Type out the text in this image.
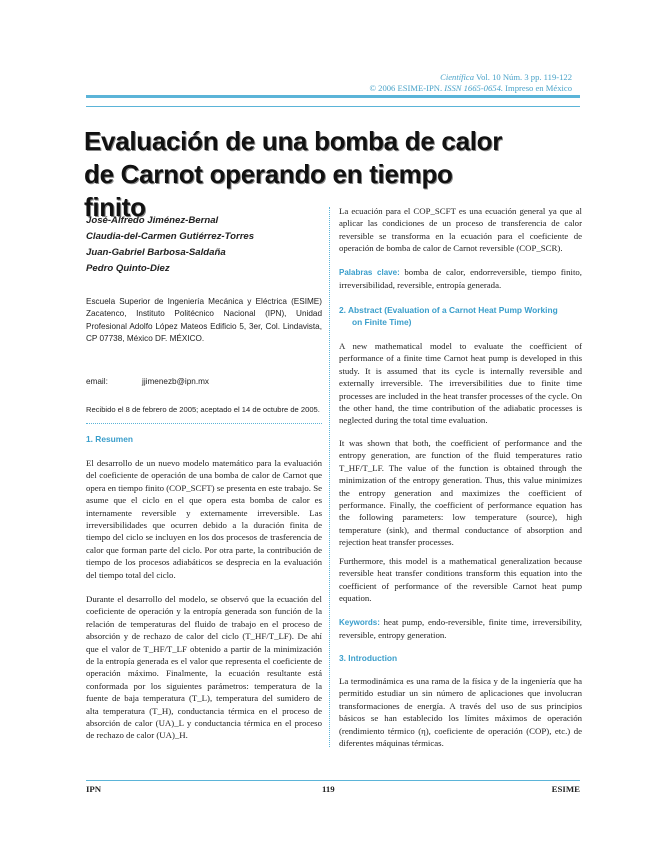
Científica Vol. 10 Núm. 3 pp. 119-122
© 2006 ESIME-IPN. ISSN 1665-0654. Impreso en México
Evaluación de una bomba de calor de Carnot operando en tiempo finito
José-Alfredo Jiménez-Bernal
Claudia-del-Carmen Gutiérrez-Torres
Juan-Gabriel Barbosa-Saldaña
Pedro Quinto-Diez
Escuela Superior de Ingeniería Mecánica y Eléctrica (ESIME) Zacatenco, Instituto Politécnico Nacional (IPN), Unidad Profesional Adolfo López Mateos Edificio 5, 3er, Col. Lindavista, CP 07738, México DF. MÉXICO.
email:	jjimenezb@ipn.mx
Recibido el 8 de febrero de 2005; aceptado el 14 de octubre de 2005.
1. Resumen
El desarrollo de un nuevo modelo matemático para la evaluación del coeficiente de operación de una bomba de calor de Carnot que opera en tiempo finito (COP_SCFT) se presenta en este trabajo. Se asume que el ciclo en el que opera esta bomba de calor es internamente reversible y externamente irreversible. Las irreversibilidades que ocurren debido a la duración finita de tiempo del ciclo se incluyen en los dos procesos de trasferencia de calor que forman parte del ciclo. Por otra parte, la contribución de tiempo de los procesos adiabáticos se desprecia en la evaluación del tiempo total del ciclo.
Durante el desarrollo del modelo, se observó que la ecuación del coeficiente de operación y la entropía generada son función de la relación de temperaturas del fluido de trabajo en el proceso de absorción y de rechazo de calor del ciclo (T_HF/T_LF). De ahí que el valor de T_HF/T_LF obtenido a partir de la minimización de la entropía generada es el valor que representa el coeficiente de operación máximo. Finalmente, la ecuación resultante está conformada por los siguientes parámetros: temperatura de la fuente de baja temperatura (T_L), temperatura del sumidero de alta temperatura (T_H), conductancia térmica en el proceso de absorción de calor (UA)_L y conductancia térmica en el proceso de rechazo de calor (UA)_H.
La ecuación para el COP_SCFT es una ecuación general ya que al aplicar las condiciones de un proceso de transferencia de calor reversible se transforma en la ecuación para el coeficiente de operación de bomba de calor de Carnot reversible (COP_SCR).
Palabras clave: bomba de calor, endorreversible, tiempo finito, irreversibilidad, reversible, entropía generada.
2. Abstract (Evaluation of a Carnot Heat Pump Working
on Finite Time)
A new mathematical model to evaluate the coefficient of performance of a finite time Carnot heat pump is developed in this study. It is assumed that its cycle is internally reversible and externally irreversible. The irreversibilities due to finite time processes are included in the heat transfer processes of the cycle. On the other hand, the time contribution of the adiabatic processes is neglected during the total time evaluation.
It was shown that both, the coefficient of performance and the entropy generation, are function of the fluid temperatures ratio T_HF/T_LF. The value of the function is obtained through the minimization of the entropy generation. Thus, this value minimizes the entropy generation and maximizes the coefficient of performance. Finally, the coefficient of performance equation has the following parameters: low temperature (source), high temperature (sink), and thermal conductance of absorption and rejection heat transfer processes.
Furthermore, this model is a mathematical generalization because reversible heat transfer conditions transform this equation into the coefficient of performance of the reversible Carnot heat pump equation.
Keywords: heat pump, endo-reversible, finite time, irreversibility, reversible, entropy generation.
3. Introduction
La termodinámica es una rama de la física y de la ingeniería que ha permitido estudiar un sin número de aplicaciones que involucran transformaciones de energía. A través del uso de sus principios básicos se han establecido los límites máximos de operación (rendimiento térmico (η), coeficiente de operación (COP), etc.) de diferentes máquinas térmicas.
IPN	119	ESIME
